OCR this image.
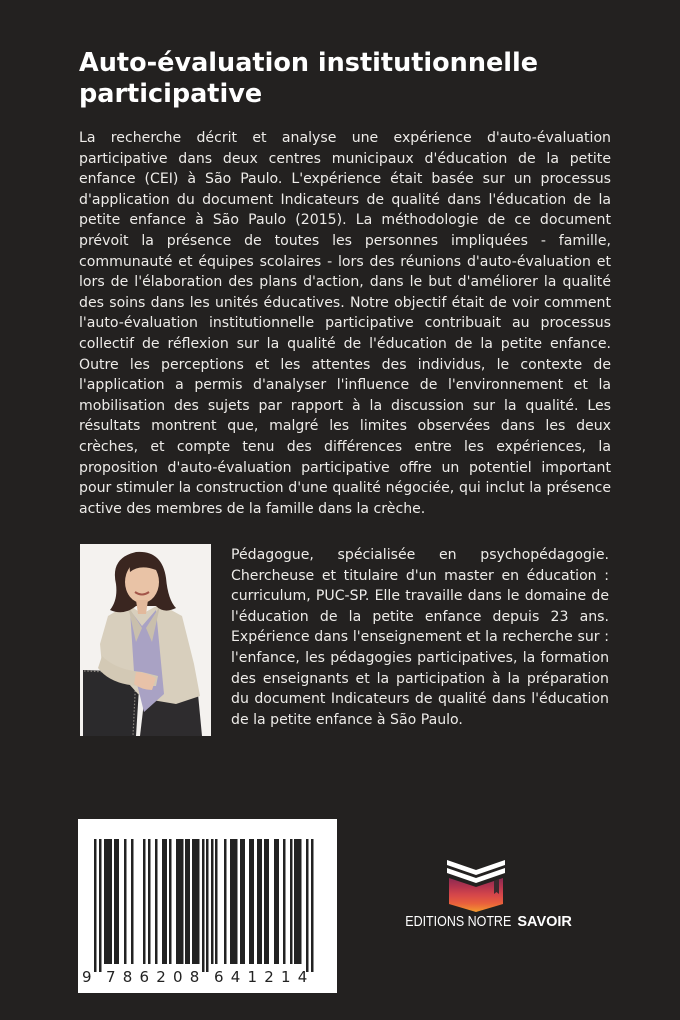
Auto-évaluation institutionnelle participative

La recherche décrit et analyse une expérience d'auto-évaluation participative dans deux centres municipaux d'éducation de la petite enfance (CEI) à São Paulo. L'expérience était basée sur un processus d'application du document Indicateurs de qualité dans l'éducation de la petite enfance à São Paulo (2015). La méthodologie de ce document prévoit la présence de toutes les personnes impliquées - famille, communauté et équipes scolaires - lors des réunions d'auto-évaluation et lors de l'élaboration des plans d'action, dans le but d'améliorer la qualité des soins dans les unités éducatives. Notre objectif était de voir comment l'auto-évaluation institutionnelle participative contribuait au processus collectif de réflexion sur la qualité de l'éducation de la petite enfance. Outre les perceptions et les attentes des individus, le contexte de l'application a permis d'analyser l'influence de l'environnement et la mobilisation des sujets par rapport à la discussion sur la qualité. Les résultats montrent que, malgré les limites observées dans les deux crèches, et compte tenu des différences entre les expériences, la proposition d'auto-évaluation participative offre un potentiel important pour stimuler la construction d'une qualité négociée, qui inclut la présence active des membres de la famille dans la crèche.

Pédagogue, spécialisée en psychopédagogie. Chercheuse et titulaire d'un master en éducation : curriculum, PUC-SP. Elle travaille dans le domaine de l'éducation de la petite enfance depuis 23 ans. Expérience dans l'enseignement et la recherche sur : l'enfance, les pédagogies participatives, la formation des enseignants et la participation à la préparation du document Indicateurs de qualité dans l'éducation de la petite enfance à São Paulo.

9 786208 641214
EDITIONS NOTRE SAVOIR
